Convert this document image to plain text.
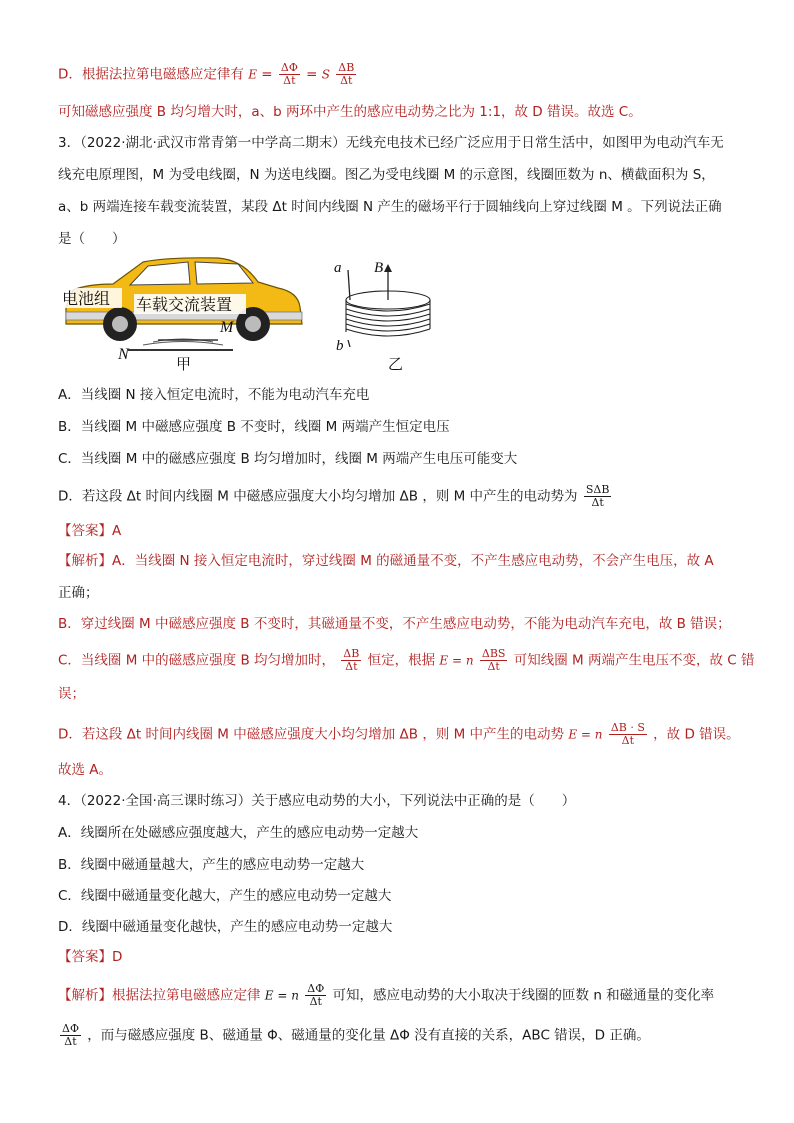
D．根据法拉第电磁感应定律有 $E = \frac{\Delta\Phi}{\Delta t} = S \frac{\Delta B}{\Delta t}$
可知磁感应强度 B 均匀增大时，a、b 两环中产生的感应电动势之比为 1:1，故 D 错误。故选 C。
3．（2022·湖北·武汉市常青第一中学高二期末）无线充电技术已经广泛应用于日常生活中，如图甲为电动汽车无
线充电原理图，M 为受电线圈，N 为送电线圈。图乙为受电线圈 M 的示意图，线圈匝数为 n、横截面积为 S，
a、b 两端连接车载变流装置，某段 Δt 时间内线圈 N 产生的磁场平行于圆轴线向上穿过线圈 M 。下列说法正确
是（　　）
电池组 车载交流装置
M
N
甲
a
b
B
乙
A．当线圈 N 接入恒定电流时，不能为电动汽车充电
B．当线圈 M 中磁感应强度 B 不变时，线圈 M 两端产生恒定电压
C．当线圈 M 中的磁感应强度 B 均匀增加时，线圈 M 两端产生电压可能变大
D．若这段 Δt 时间内线圈 M 中磁感应强度大小均匀增加 ΔB ，则 M 中产生的电动势为 $\frac{\text{SΔB}}{\Delta t}$
【答案】A
【解析】A．当线圈 N 接入恒定电流时，穿过线圈 M 的磁通量不变，不产生感应电动势，不会产生电压，故 A
正确；
B．穿过线圈 M 中磁感应强度 B 不变时，其磁通量不变，不产生感应电动势，不能为电动汽车充电，故 B 错误；
C．当线圈 M 中的磁感应强度 B 均匀增加时， $\frac{\Delta B}{\Delta t}$ 恒定，根据 E = n $\frac{\text{ΔBS}}{\Delta t}$ 可知线圈 M 两端产生电压不变，故 C 错
误；
D．若这段 Δt 时间内线圈 M 中磁感应强度大小均匀增加 ΔB ，则 M 中产生的电动势 E = n $\frac{\Delta B \cdot S}{\Delta t}$ ，故 D 错误。
故选 A。
4．（2022·全国·高三课时练习）关于感应电动势的大小，下列说法中正确的是（　　）
A．线圈所在处磁感应强度越大，产生的感应电动势一定越大
B．线圈中磁通量越大，产生的感应电动势一定越大
C．线圈中磁通量变化越大，产生的感应电动势一定越大
D．线圈中磁通量变化越快，产生的感应电动势一定越大
【答案】D
【解析】根据法拉第电磁感应定律 E = n $\frac{\Delta\Phi}{\Delta t}$ 可知，感应电动势的大小取决于线圈的匝数 n 和磁通量的变化率
$\frac{\Delta\Phi}{\Delta t}$ ，而与磁感应强度 B、磁通量 Φ、磁通量的变化量 ΔΦ 没有直接的关系，ABC 错误，D 正确。
